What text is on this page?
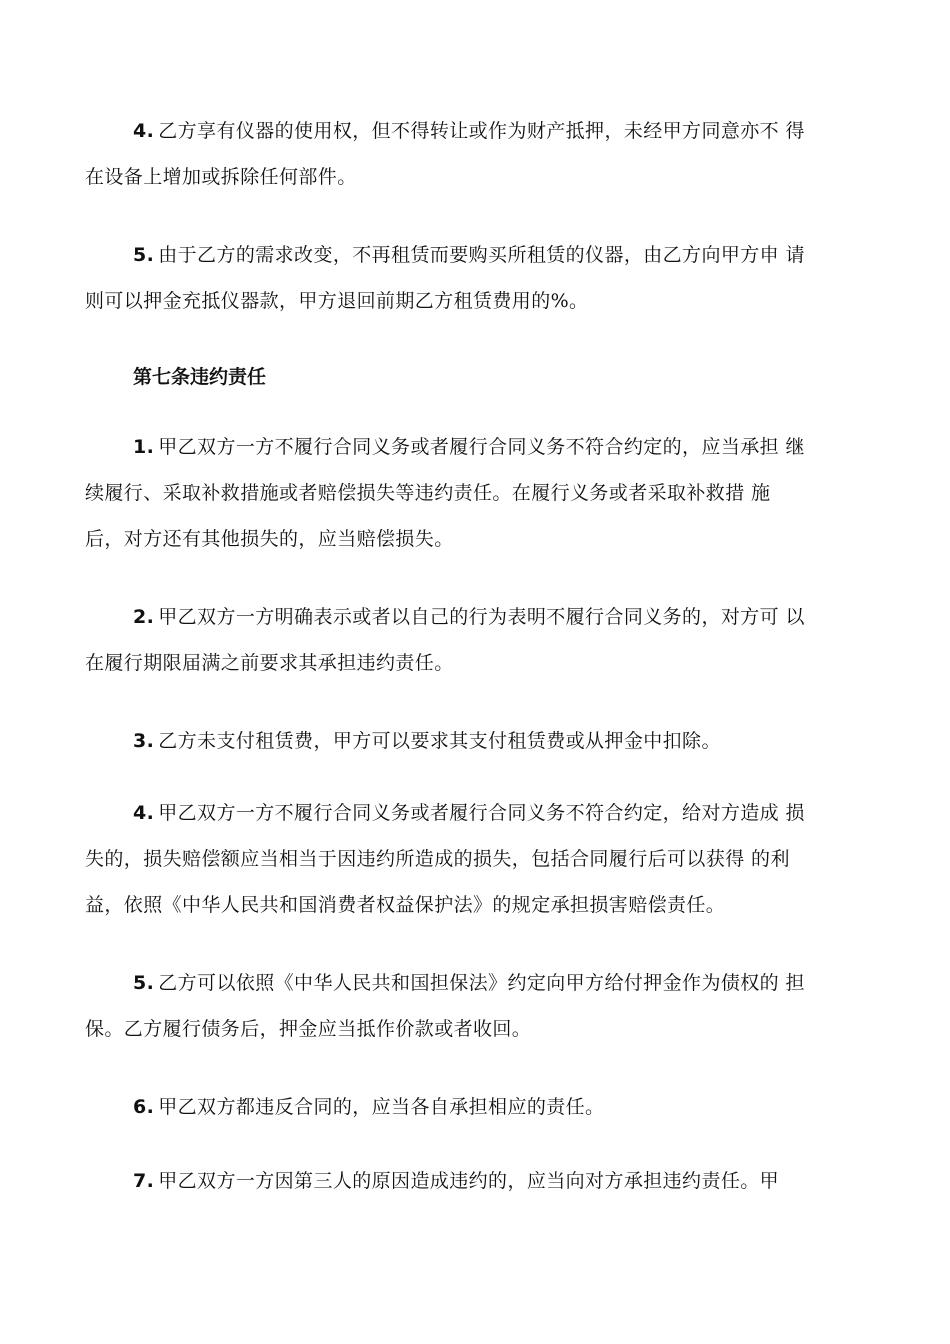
4. 乙方享有仪器的使用权，但不得转让或作为财产抵押，未经甲方同意亦不 得
在设备上增加或拆除任何部件。

5. 由于乙方的需求改变，不再租赁而要购买所租赁的仪器，由乙方向甲方申 请
则可以押金充抵仪器款，甲方退回前期乙方租赁费用的%。

第七条违约责任

1. 甲乙双方一方不履行合同义务或者履行合同义务不符合约定的，应当承担 继
续履行、采取补救措施或者赔偿损失等违约责任。在履行义务或者采取补救措 施
后，对方还有其他损失的，应当赔偿损失。

2. 甲乙双方一方明确表示或者以自己的行为表明不履行合同义务的，对方可 以
在履行期限届满之前要求其承担违约责任。

3. 乙方未支付租赁费，甲方可以要求其支付租赁费或从押金中扣除。

4. 甲乙双方一方不履行合同义务或者履行合同义务不符合约定，给对方造成 损
失的，损失赔偿额应当相当于因违约所造成的损失，包括合同履行后可以获得 的利
益，依照《中华人民共和国消费者权益保护法》的规定承担损害赔偿责任。

5. 乙方可以依照《中华人民共和国担保法》约定向甲方给付押金作为债权的 担
保。乙方履行债务后，押金应当抵作价款或者收回。

6. 甲乙双方都违反合同的，应当各自承担相应的责任。

7. 甲乙双方一方因第三人的原因造成违约的，应当向对方承担违约责任。甲
